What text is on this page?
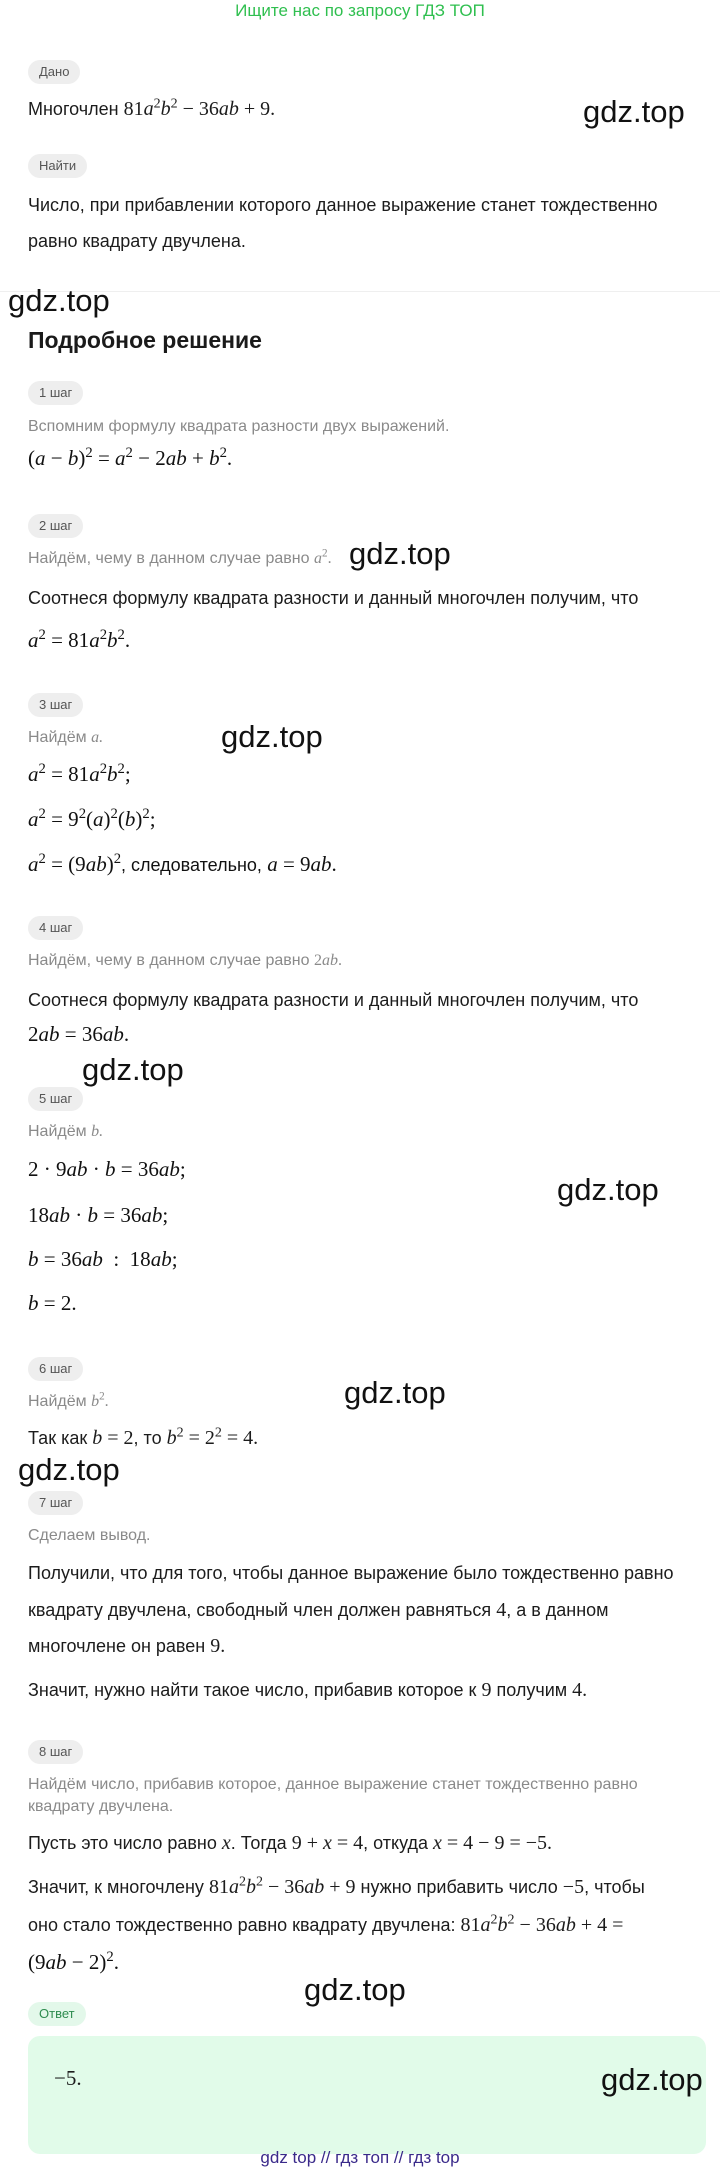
Ищите нас по запросу ГДЗ ТОП
Дано
Многочлен $81a^2b^2 - 36ab + 9$.	gdz.top
Найти
Число, при прибавлении которого данное выражение станет тождественно
равно квадрату двучлена.
gdz.top
Подробное решение
1 шаг
Вспомним формулу квадрата разности двух выражений.
$(a - b)^2 = a^2 - 2ab + b^2$.
2 шаг
Найдём, чему в данном случае равно $a^2$. gdz.top
Соотнеся формулу квадрата разности и данный многочлен получим, что
$a^2 = 81a^2b^2$.
3 шаг
Найдём a.	gdz.top
$a^2 = 81a^2b^2$;
$a^2 = 9^2(a)^2(b)^2$;
$a^2 = (9ab)^2$, следовательно, a = 9ab.
4 шаг
Найдём, чему в данном случае равно 2ab.
Соотнеся формулу квадрата разности и данный многочлен получим, что
2ab = 36ab.
gdz.top
5 шаг
Найдём b.
2 · 9ab · b = 36ab;
gdz.top
18ab · b = 36ab;
b = 36ab  :  18ab;
b = 2.
6 шаг
Найдём $b^2$.	gdz.top
Так как b = 2, то $b^2 = 2^2 = 4$.
gdz.top
7 шаг
Сделаем вывод.
Получили, что для того, чтобы данное выражение было тождественно равно
квадрату двучлена, свободный член должен равняться 4, а в данном
многочлене он равен 9.
Значит, нужно найти такое число, прибавив которое к 9 получим 4.
8 шаг
Найдём число, прибавив которое, данное выражение станет тождественно равно
квадрату двучлена.
Пусть это число равно x. Тогда 9 + x = 4, откуда x = 4 − 9 = −5.
Значит, к многочлену $81a^2b^2 - 36ab + 9$ нужно прибавить число −5, чтобы
оно стало тождественно равно квадрату двучлена: $81a^2b^2 - 36ab + 4$ =
$(9ab - 2)^2$.
gdz.top
Ответ
−5.	gdz.top
gdz top // гдз топ // гдз top
